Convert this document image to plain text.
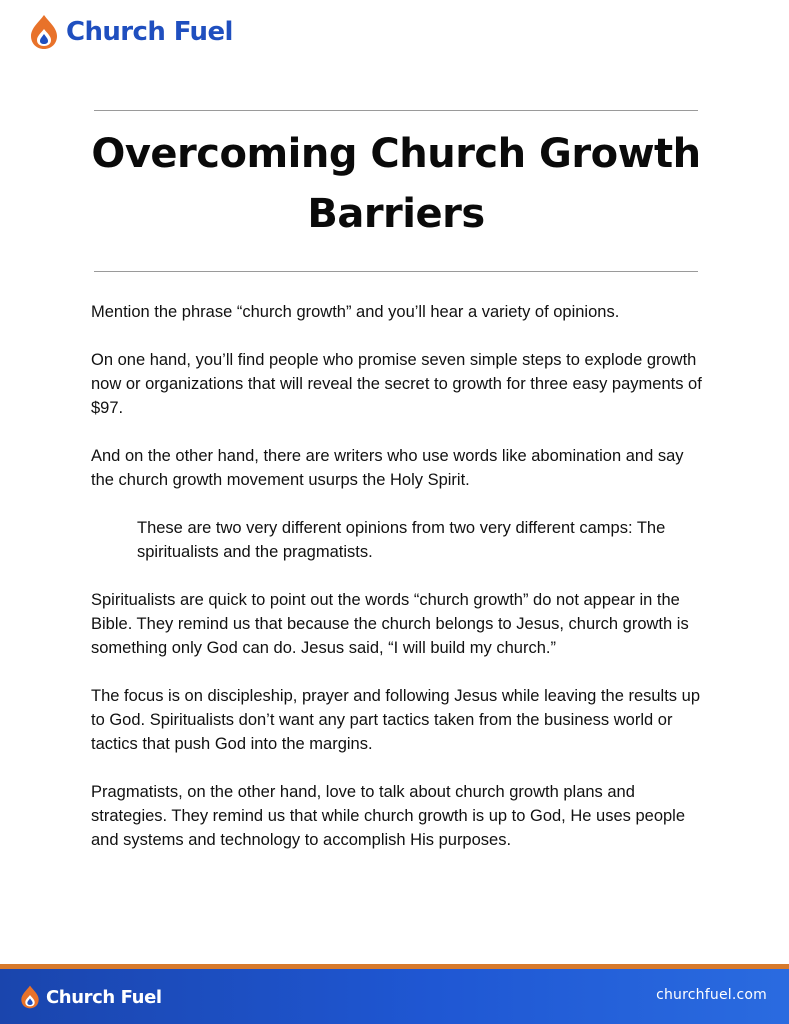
Church Fuel
Overcoming Church Growth
Barriers

Mention the phrase “church growth” and you’ll hear a variety of opinions.

On one hand, you’ll find people who promise seven simple steps to explode growth now or organizations that will reveal the secret to growth for three easy payments of $97.

And on the other hand, there are writers who use words like abomination and say the church growth movement usurps the Holy Spirit.

These are two very different opinions from two very different camps: The spiritualists and the pragmatists.

Spiritualists are quick to point out the words “church growth” do not appear in the Bible. They remind us that because the church belongs to Jesus, church growth is something only God can do. Jesus said, “I will build my church.”

The focus is on discipleship, prayer and following Jesus while leaving the results up to God. Spiritualists don’t want any part tactics taken from the business world or tactics that push God into the margins.

Pragmatists, on the other hand, love to talk about church growth plans and strategies. They remind us that while church growth is up to God, He uses people and systems and technology to accomplish His purposes.

Church Fuel	churchfuel.com
